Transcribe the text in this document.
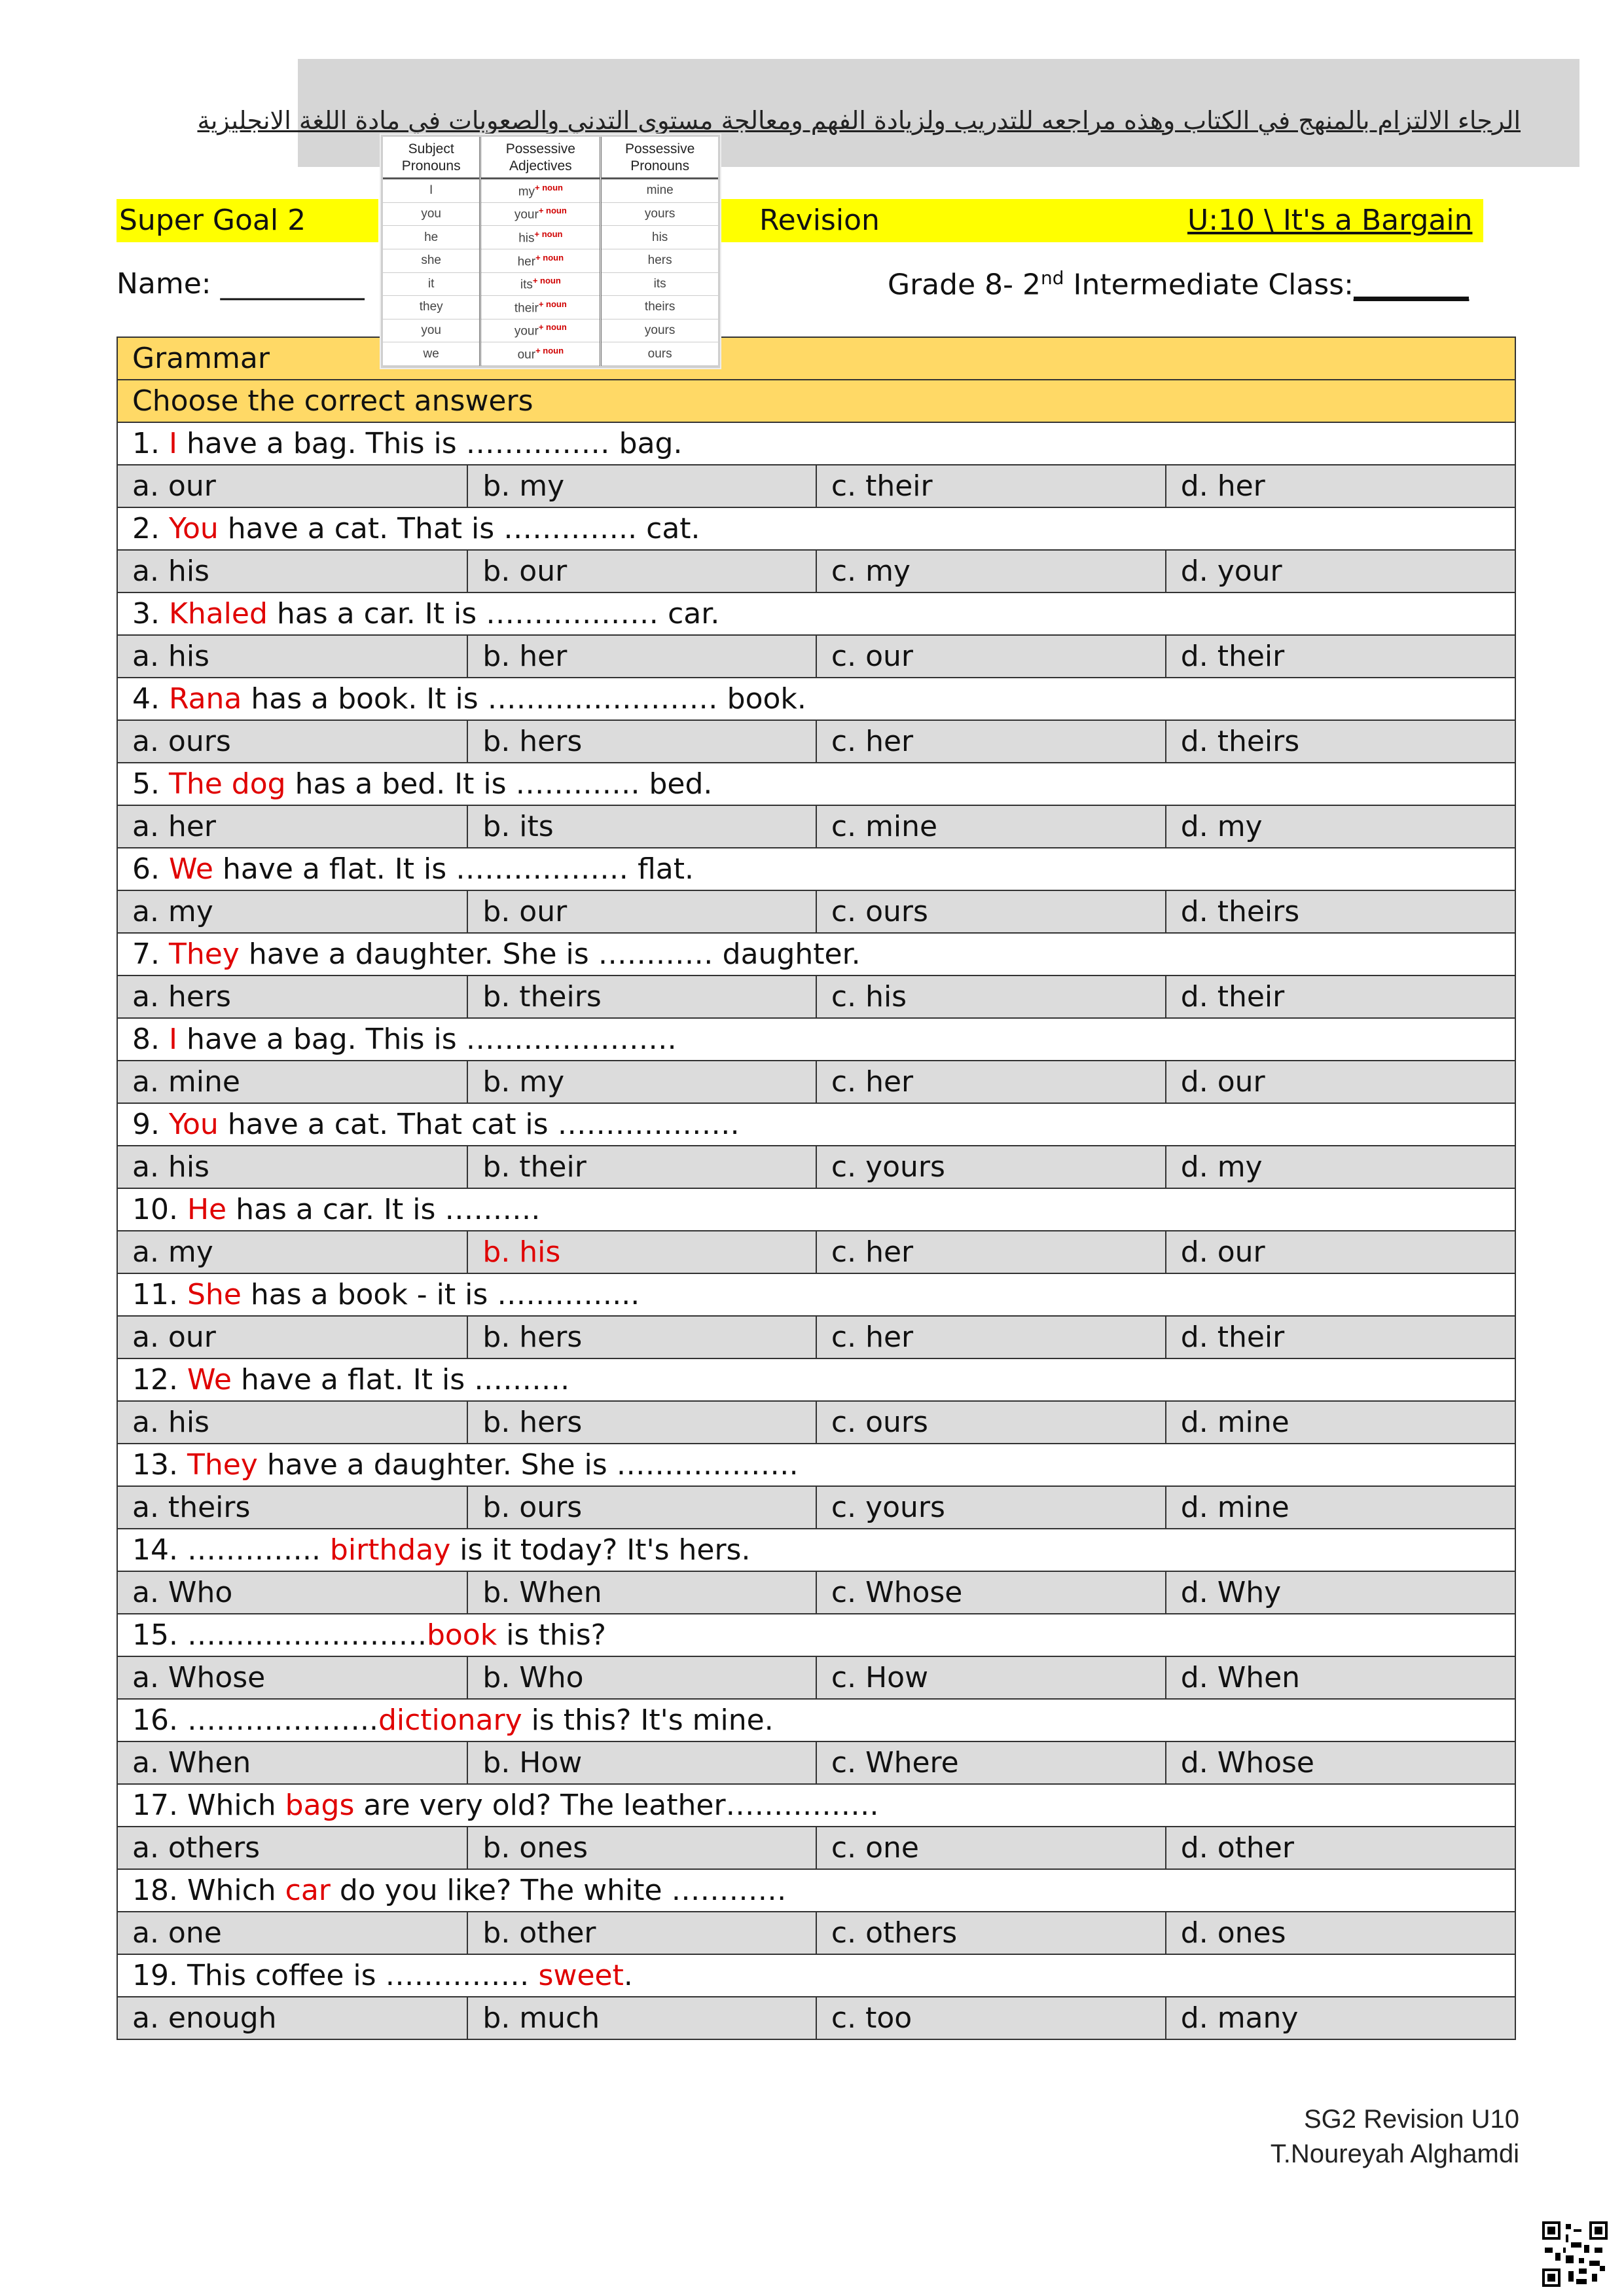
الرجاء الالتزام بالمنهج في الكتاب وهذه مراجعه للتدريب ولزيادة الفهم ومعالجة مستوى التدني والصعوبات في مادة اللغة الانجليزية
Super Goal 2	Revision	U:10 \ It's a Bargain
Name: __________	Grade 8- 2nd Intermediate Class:________
Grammar			
Choose the correct answers			
1. I have a bag. This is …………… bag.			
a. our	b. my	c. their	d. her
2. You have a cat. That is ………….. cat.			
a. his	b. our	c. my	d. your
3. Khaled has a car. It is ……………… car.			
a. his	b. her	c. our	d. their
4. Rana has a book. It is …………………… book.			
a. ours	b. hers	c. her	d. theirs
5. The dog has a bed. It is …………. bed.			
a. her	b. its	c. mine	d. my
6. We have a flat. It is ……………… flat.			
a. my	b. our	c. ours	d. theirs
7. They have a daughter. She is ………… daughter.			
a. hers	b. theirs	c. his	d. their
8. I have a bag. This is ………………….			
a. mine	b. my	c. her	d. our
9. You have a cat. That cat is ……………….			
a. his	b. their	c. yours	d. my
10. He has a car. It is ……….			
a. my	b. his	c. her	d. our
11. She has a book - it is …………...			
a. our	b. hers	c. her	d. their
12. We have a flat. It is ……….			
a. his	b. hers	c. ours	d. mine
13. They have a daughter. She is ……………….			
a. theirs	b. ours	c. yours	d. mine
14. ………….. birthday is it today? It's hers.			
a. Who	b. When	c. Whose	d. Why
15. …………………….book is this?			
a. Whose	b. Who	c. How	d. When
16. ………………..dictionary is this? It's mine.			
a. When	b. How	c. Where	d. Whose
17. Which bags are very old? The leather…………….			
a. others	b. ones	c. one	d. other
18. Which car do you like? The white …………			
a. one	b. other	c. others	d. ones
19. This coffee is …………… sweet.			
a. enough	b. much	c. too	d. many
Subject Pronouns	Possessive Adjectives	Possessive Pronouns
I	$my^{+ noun}$	mine
you	your$^{+ noun}$	yours
he	his$^{+ noun}$	his
she	her$^{+ noun}$	hers
it	its$^{+ noun}$	its
they	their$^{+ noun}$	theirs
you	your$^{+ noun}$	yours
we	our$^{+ noun}$	ours
SG2 Revision U10
T.Noureyah Alghamdi
